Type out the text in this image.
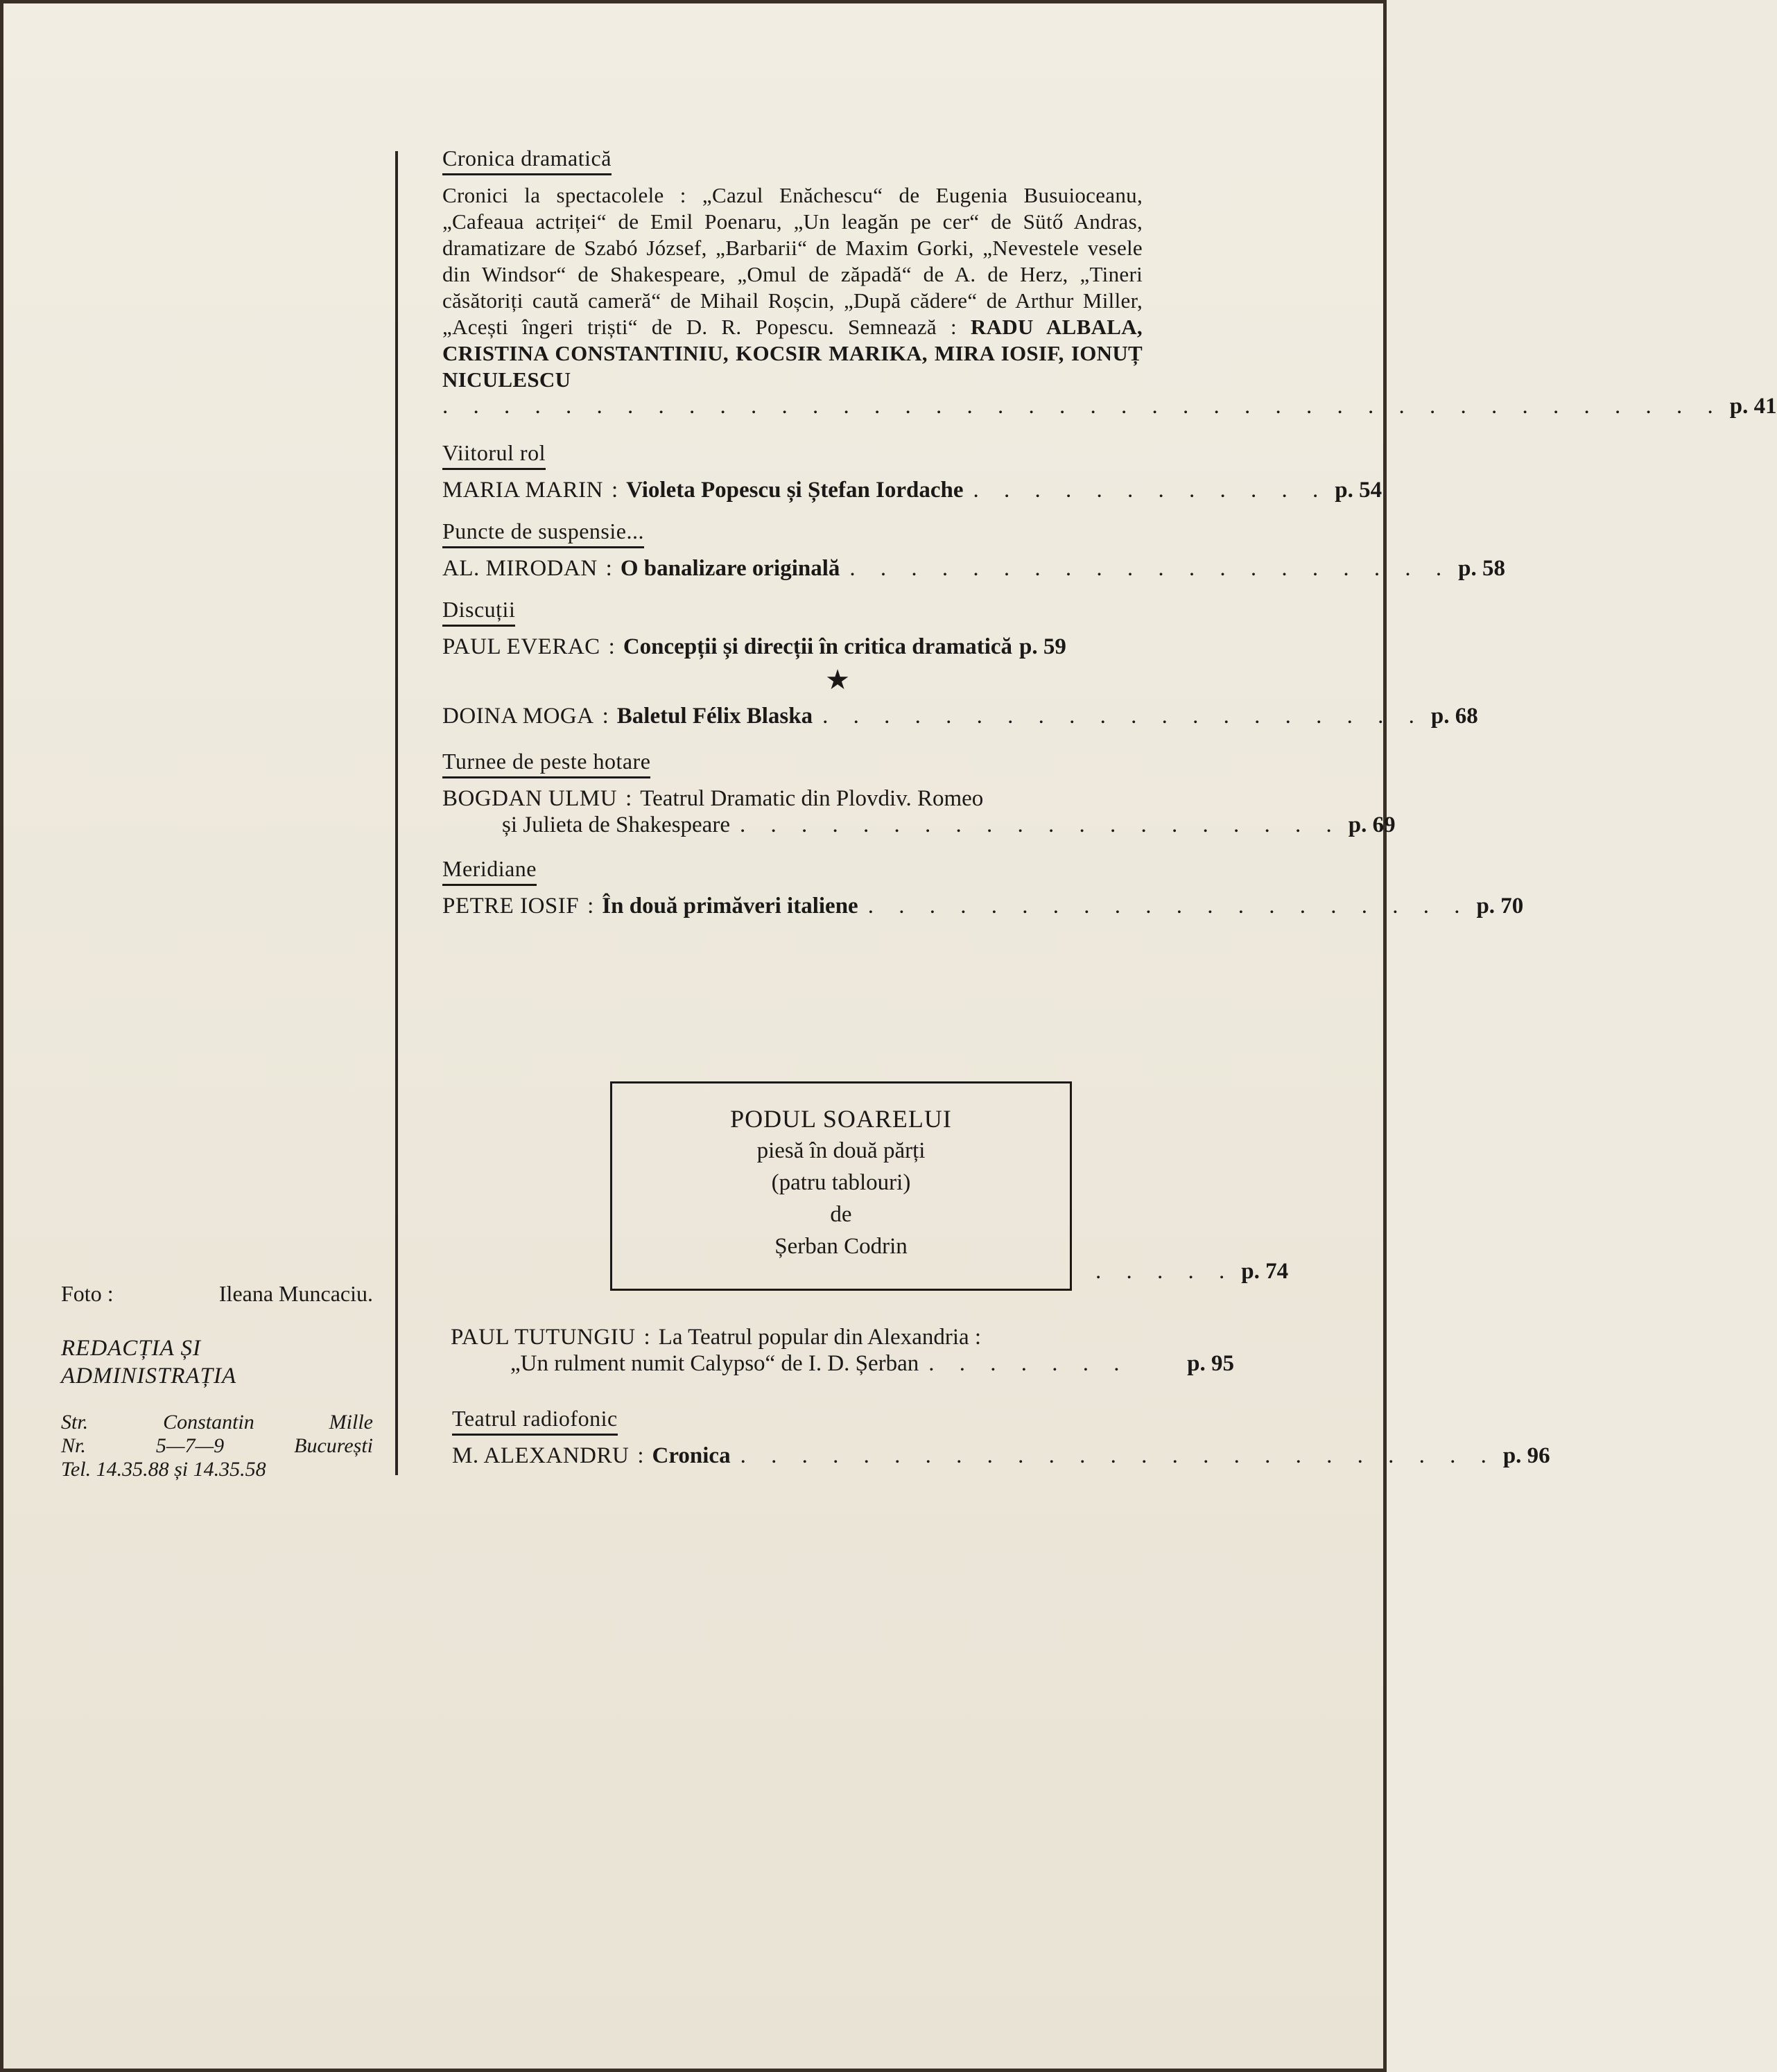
Cronica dramatică
Cronici la spectacolele : „Cazul Enăchescu“ de Eugenia Busuioceanu, „Cafeaua actriței“ de Emil Poenaru, „Un leagăn pe cer“ de Sütő Andras, dramatizare de Szabó József, „Barbarii“ de Maxim Gorki, „Nevestele vesele din Windsor“ de Shakespeare, „Omul de zăpadă“ de A. de Herz, „Tineri căsătoriți caută cameră“ de Mihail Roșcin, „După cădere“ de Arthur Miller, „Acești îngeri triști“ de D. R. Popescu. Semnează : RADU ALBALA, CRISTINA CONSTANTINIU, KOCSIR MARIKA, MIRA IOSIF, IONUȚ NICULESCU
. . . . . . . . . . . . . . . . . . . . . . . . . . . . . . . . . . . . . . . . . . p. 41
Viitorul rol
MARIA MARIN : Violeta Popescu și Ștefan Iordache . . . . . . . . . . . . p. 54
Puncte de suspensie...
AL. MIRODAN : O banalizare originală . . . . . . . . . . . . . . . . . . . . p. 58
Discuții
PAUL EVERAC : Concepții și direcții în critica dramatică p. 59
★
DOINA MOGA : Baletul Félix Blaska . . . . . . . . . . . . . . . . . . . . p. 68
Turnee de peste hotare
BOGDAN ULMU : Teatrul Dramatic din Plovdiv. Romeo
și Julieta de Shakespeare . . . . . . . . . . . . . . . . . . . . p. 69
Meridiane
PETRE IOSIF : În două primăveri italiene . . . . . . . . . . . . . . . . . . . . p. 70
PODUL SOARELUI
piesă în două părți
(patru tablouri)
de
Șerban Codrin
. . . . . p. 74
PAUL TUTUNGIU : La Teatrul popular din Alexandria :
„Un rulment numit Calypso“ de I. D. Șerban . . . . . . .	p. 95
Teatrul radiofonic
M. ALEXANDRU : Cronica . . . . . . . . . . . . . . . . . . . . . . . . . p. 96
Foto :	Ileana Muncaciu.
REDACȚIA ȘI ADMINISTRAȚIA
Str.	Constantin	Mille
Nr.	5—7—9	București
Tel. 14.35.88 și 14.35.58
